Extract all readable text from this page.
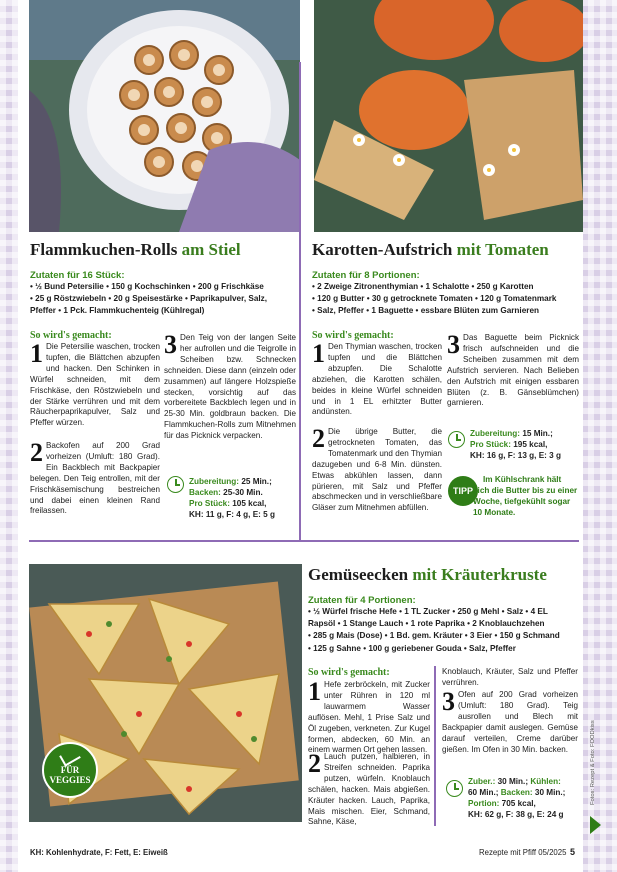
FÜR
VEGGIES
Flammkuchen-Rolls am Stiel
Zutaten für 16 Stück:
• ½ Bund Petersilie • 150 g Kochschinken • 200 g Frischkäse
• 25 g Röstzwiebeln • 20 g Speisestärke • Paprikapulver, Salz,
Pfeffer • 1 Pck. Flammkuchenteig (Kühlregal)
So wird's gemacht:
1 Die Petersilie waschen, trocken tupfen, die Blättchen abzupfen und hacken. Den Schinken in Würfel schneiden, mit dem Frischkäse, den Röstzwiebeln und der Stärke verrühren und mit dem Räucherpaprikapulver, Salz und Pfeffer würzen.
2 Backofen auf 200 Grad vorheizen (Umluft: 180 Grad). Ein Backblech mit Backpapier belegen. Den Teig entrollen, mit der Frischkäsemischung bestreichen und dabei einen kleinen Rand freilassen.
3 Den Teig von der langen Seite her aufrollen und die Teigrolle in Scheiben bzw. Schnecken schneiden. Diese dann (einzeln oder zusammen) auf längere Holzspieße stecken, vorsichtig auf das vorbereitete Backblech legen und in 25-30 Min. goldbraun backen. Die Flammkuchen-Rolls zum Mitnehmen für das Picknick verpacken.
Zubereitung: 25 Min.;
Backen: 25-30 Min.
Pro Stück: 105 kcal,
KH: 11 g, F: 4 g, E: 5 g
Karotten-Aufstrich mit Tomaten
Zutaten für 8 Portionen:
• 2 Zweige Zitronenthymian • 1 Schalotte • 250 g Karotten
• 120 g Butter • 30 g getrocknete Tomaten • 120 g Tomatenmark
• Salz, Pfeffer • 1 Baguette • essbare Blüten zum Garnieren
So wird's gemacht:
1 Den Thymian waschen, trocken tupfen und die Blättchen abzupfen. Die Schalotte abziehen, die Karotten schälen, beides in kleine Würfel schneiden und in 1 EL erhitzter Butter andünsten.
2 Die übrige Butter, die getrockneten Tomaten, das Tomatenmark und den Thymian dazugeben und 6-8 Min. dünsten. Etwas abkühlen lassen, dann pürieren, mit Salz und Pfeffer abschmecken und in verschließbare Gläser zum Mitnehmen abfüllen.
3 Das Baguette beim Picknick frisch aufschneiden und die Scheiben zusammen mit dem Aufstrich servieren. Nach Belieben den Aufstrich mit einigen essbaren Blüten (z. B. Gänseblümchen) garnieren.
Zubereitung: 15 Min.;
Pro Stück: 195 kcal,
KH: 16 g, F: 13 g, E: 3 g
TIPP
Im Kühlschrank hält sich die Butter bis zu einer Woche, tiefgekühlt sogar 10 Monate.
Gemüseecken mit Kräuterkruste
Zutaten für 4 Portionen:
• ½ Würfel frische Hefe • 1 TL Zucker • 250 g Mehl • Salz • 4 EL
Rapsöl • 1 Stange Lauch • 1 rote Paprika • 2 Knoblauchzehen
• 285 g Mais (Dose) • 1 Bd. gem. Kräuter • 3 Eier • 150 g Schmand
• 125 g Sahne • 100 g geriebener Gouda • Salz, Pfeffer
So wird's gemacht:
1 Hefe zerbröckeln, mit Zucker unter Rühren in 120 ml lauwarmem Wasser auflösen. Mehl, 1 Prise Salz und Öl zugeben, verkneten. Zur Kugel formen, abdecken, 60 Min. an einem warmen Ort gehen lassen.
2 Lauch putzen, halbieren, in Streifen schneiden. Paprika putzen, würfeln. Knoblauch schälen, hacken. Mais abgießen. Kräuter hacken. Lauch, Paprika, Mais mischen. Eier, Schmand, Sahne, Käse,
Knoblauch, Kräuter, Salz und Pfeffer verrühren.
3 Ofen auf 200 Grad vorheizen (Umluft: 180 Grad). Teig ausrollen und Blech mit Backpapier damit auslegen. Gemüse darauf verteilen, Creme darüber gießen. Im Ofen in 30 Min. backen.
Zuber.: 30 Min.; Kühlen:
60 Min.; Backen: 30 Min.;
Portion: 705 kcal,
KH: 62 g, F: 38 g, E: 24 g
KH: Kohlenhydrate, F: Fett, E: Eiweiß	Rezepte mit Pfiff 05/2025 5
Fotos: Rezept & Foto: FOODkiss
